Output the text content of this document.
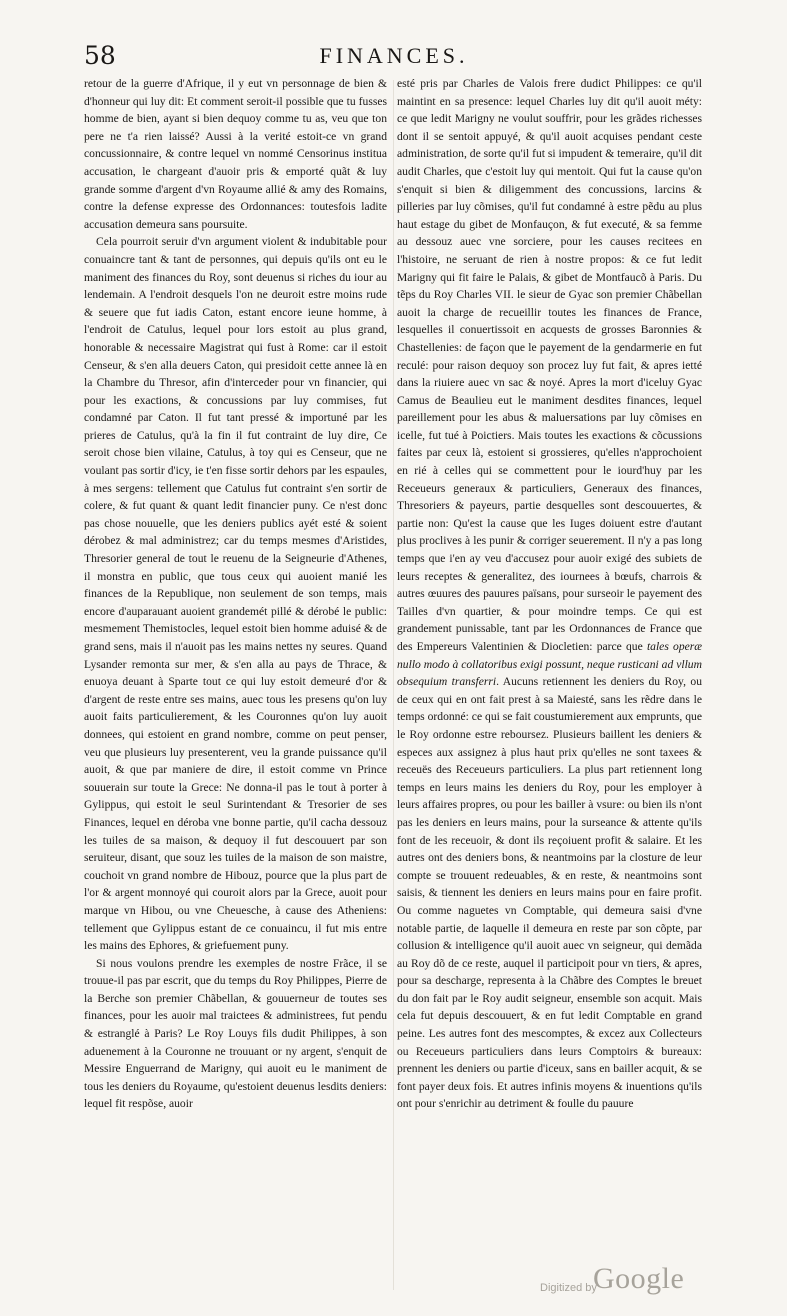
58	FINANCES.

retour de la guerre d'Afrique, il y eut vn personnage de bien & d'honneur qui luy dit: Et comment seroit-il possible que tu fusses homme de bien, ayant si bien dequoy comme tu as, veu que ton pere ne t'a rien laissé? Aussi à la verité estoit-ce vn grand concussionnaire, & contre lequel vn nommé Censorinus institua accusation, le chargeant d'auoir pris & emporté quãt & luy grande somme d'argent d'vn Royaume allié & amy des Romains, contre la defense expresse des Ordonnances: toutesfois ladite accusation demeura sans poursuite.

Cela pourroit seruir d'vn argument violent & indubitable pour conuaincre tant & tant de personnes, qui depuis qu'ils ont eu le maniment des finances du Roy, sont deuenus si riches du iour au lendemain. A l'endroit desquels l'on ne deuroit estre moins rude & seuere que fut iadis Caton, estant encore ieune homme, à l'endroit de Catulus, lequel pour lors estoit au plus grand, honorable & necessaire Magistrat qui fust à Rome: car il estoit Censeur, & s'en alla deuers Caton, qui presidoit cette annee là en la Chambre du Thresor, afin d'interceder pour vn financier, qui pour les exactions, & concussions par luy commises, fut condamné par Caton. Il fut tant pressé & importuné par les prieres de Catulus, qu'à la fin il fut contraint de luy dire, Ce seroit chose bien vilaine, Catulus, à toy qui es Censeur, que ne voulant pas sortir d'icy, ie t'en fisse sortir dehors par les espaules, à mes sergens: tellement que Catulus fut contraint s'en sortir de colere, & fut quant & quant ledit financier puny. Ce n'est donc pas chose nouuelle, que les deniers publics ayét esté & soient dérobez & mal administrez; car du temps mesmes d'Aristides, Thresorier general de tout le reuenu de la Seigneurie d'Athenes, il monstra en public, que tous ceux qui auoient manié les finances de la Republique, non seulement de son temps, mais encore d'auparauant auoient grandemét pillé & dérobé le public: mesmement Themistocles, lequel estoit bien homme aduisé & de grand sens, mais il n'auoit pas les mains nettes ny seures. Quand Lysander remonta sur mer, & s'en alla au pays de Thrace, & enuoya deuant à Sparte tout ce qui luy estoit demeuré d'or & d'argent de reste entre ses mains, auec tous les presens qu'on luy auoit faits particulierement, & les Couronnes qu'on luy auoit donnees, qui estoient en grand nombre, comme on peut penser, veu que plusieurs luy presenterent, veu la grande puissance qu'il auoit, & que par maniere de dire, il estoit comme vn Prince souuerain sur toute la Grece: Ne donna-il pas le tout à porter à Gylippus, qui estoit le seul Surintendant & Tresorier de ses Finances, lequel en déroba vne bonne partie, qu'il cacha dessouz les tuiles de sa maison, & dequoy il fut descouuert par son seruiteur, disant, que souz les tuiles de la maison de son maistre, couchoit vn grand nombre de Hibouz, pource que la plus part de l'or & argent monnoyé qui couroit alors par la Grece, auoit pour marque vn Hibou, ou vne Cheuesche, à cause des Atheniens: tellement que Gylippus estant de ce conuaincu, il fut mis entre les mains des Ephores, & griefuement puny.

Si nous voulons prendre les exemples de nostre Frãce, il se trouue-il pas par escrit, que du temps du Roy Philippes, Pierre de la Berche son premier Chãbellan, & gouuerneur de toutes ses finances, pour les auoir mal traictees & administrees, fut pendu & estranglé à Paris? Le Roy Louys fils dudit Philippes, à son aduenement à la Couronne ne trouuant or ny argent, s'enquit de Messire Enguerrand de Marigny, qui auoit eu le maniment de tous les deniers du Royaume, qu'estoient deuenus lesdits deniers: lequel fit respõse, auoir

esté pris par Charles de Valois frere dudict Philippes: ce qu'il maintint en sa presence: lequel Charles luy dit qu'il auoit méty: ce que ledit Marigny ne voulut souffrir, pour les grãdes richesses dont il se sentoit appuyé, & qu'il auoit acquises pendant ceste administration, de sorte qu'il fut si impudent & temeraire, qu'il dit audit Charles, que c'estoit luy qui mentoit. Qui fut la cause qu'on s'enquit si bien & diligemment des concussions, larcins & pilleries par luy cõmises, qu'il fut condamné à estre pẽdu au plus haut estage du gibet de Monfauçon, & fut executé, & sa femme au dessouz auec vne sorciere, pour les causes recitees en l'histoire, ne seruant de rien à nostre propos: & ce fut ledit Marigny qui fit faire le Palais, & gibet de Montfaucõ à Paris. Du tẽps du Roy Charles VII. le sieur de Gyac son premier Chãbellan auoit la charge de recueillir toutes les finances de France, lesquelles il conuertissoit en acquests de grosses Baronnies & Chastellenies: de façon que le payement de la gendarmerie en fut reculé: pour raison dequoy son procez luy fut fait, & apres ietté dans la riuiere auec vn sac & noyé. Apres la mort d'iceluy Gyac Camus de Beaulieu eut le maniment desdites finances, lequel pareillement pour les abus & maluersations par luy cõmises en icelle, fut tué à Poictiers. Mais toutes les exactions & cõcussions faites par ceux là, estoient si grossieres, qu'elles n'approchoient en rié à celles qui se commettent pour le iourd'huy par les Receueurs generaux & particuliers, Generaux des finances, Thresoriers & payeurs, partie desquelles sont descouuertes, & partie non: Qu'est la cause que les Iuges doiuent estre d'autant plus proclives à les punir & corriger seuerement. Il n'y a pas long temps que i'en ay veu d'accusez pour auoir exigé des subiets de leurs receptes & generalitez, des iournees à bœufs, charrois & autres œuures des pauures païsans, pour surseoir le payement des Tailles d'vn quartier, & pour moindre temps. Ce qui est grandement punissable, tant par les Ordonnances de France que des Empereurs Valentinien & Diocletien: parce que tales operæ nullo modo à collatoribus exigi possunt, neque rusticani ad vllum obsequium transferri. Aucuns retiennent les deniers du Roy, ou de ceux qui en ont fait prest à sa Maiesté, sans les rẽdre dans le temps ordonné: ce qui se fait coustumierement aux emprunts, que le Roy ordonne estre reboursez. Plusieurs baillent les deniers & especes aux assignez à plus haut prix qu'elles ne sont taxees & receuës des Receueurs particuliers. La plus part retiennent long temps en leurs mains les deniers du Roy, pour les employer à leurs affaires propres, ou pour les bailler à vsure: ou bien ils n'ont pas les deniers en leurs mains, pour la surseance & attente qu'ils font de les receuoir, & dont ils reçoiuent profit & salaire. Et les autres ont des deniers bons, & neantmoins par la closture de leur compte se trouuent redeuables, & en reste, & neantmoins sont saisis, & tiennent les deniers en leurs mains pour en faire profit. Ou comme naguetes vn Comptable, qui demeura saisi d'vne notable partie, de laquelle il demeura en reste par son cõpte, par collusion & intelligence qu'il auoit auec vn seigneur, qui demãda au Roy dõ de ce reste, auquel il participoit pour vn tiers, & apres, pour sa descharge, representa à la Chãbre des Comptes le breuet du don fait par le Roy audit seigneur, ensemble son acquit. Mais cela fut depuis descouuert, & en fut ledit Comptable en grand peine. Les autres font des mescomptes, & excez aux Collecteurs ou Receueurs particuliers dans leurs Comptoirs & bureaux: prennent les deniers ou partie d'iceux, sans en bailler acquit, & se font payer deux fois. Et autres infinis moyens & inuentions qu'ils ont pour s'enrichir au detriment & foulle du pauure

Digitized by
Google
